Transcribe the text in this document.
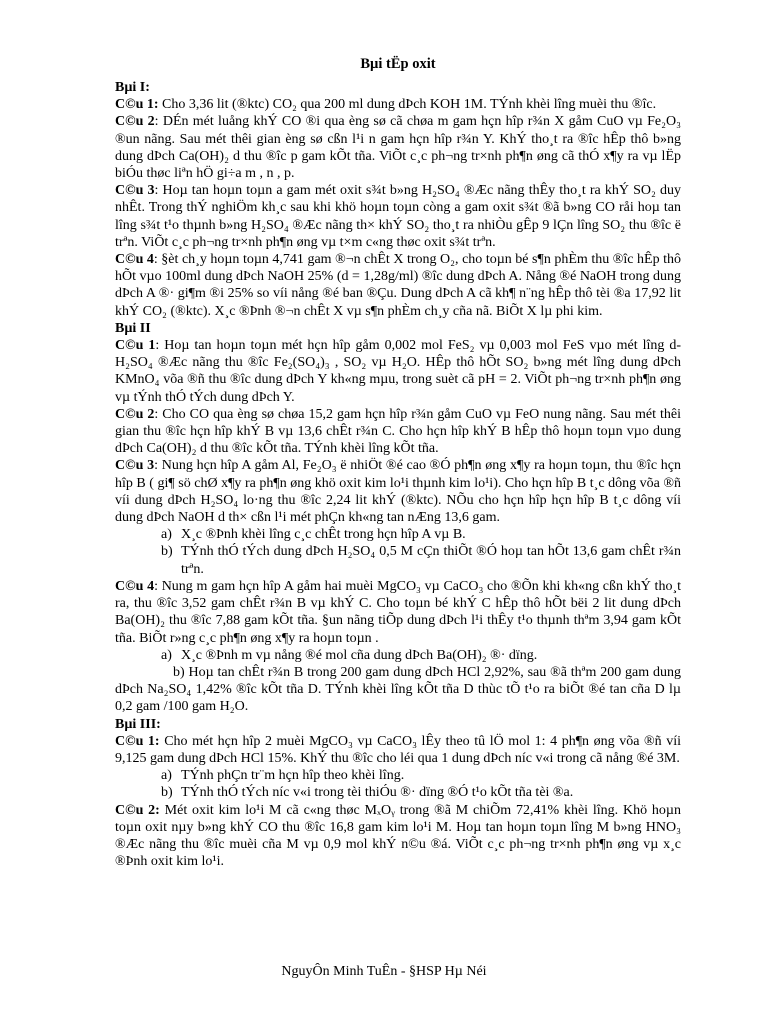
Bµi tËp oxit
Bµi I:

C©u 1: Cho 3,36 lit (®ktc) CO₂ qua 200 ml dung dÞch KOH 1M. TÝnh khèi lîng muèi thu ®îc.

C©u 2: DÉn mét luång khÝ CO ®i qua èng sø cã chøa m gam hçn hîp r¾n X gåm CuO vµ Fe₂O₃ ®un nãng. Sau mét thêi gian èng sø cßn l¹i n gam hçn hîp r¾n Y. KhÝ tho¸t ra ®îc hÊp thô b»ng dung dÞch Ca(OH)₂ d thu ®îc p gam kÕt tña. ViÕt c¸c ph¬ng tr×nh ph¶n øng cã thÓ x¶y ra vµ lËp biÓu thøc liªn hÖ gi÷a m , n , p.

C©u 3: Hoµ tan hoµn toµn a gam mét oxit s¾t b»ng H₂SO₄ ®Æc nãng thÊy tho¸t ra khÝ SO₂ duy nhÊt. Trong thÝ nghiÖm kh¸c sau khi khö hoµn toµn còng a gam oxit s¾t ®ã b»ng CO råi hoµ tan lîng s¾t t¹o thµnh b»ng H₂SO₄ ®Æc nãng th× khÝ SO₂ tho¸t ra nhiÒu gÊp 9 lÇn lîng SO₂ thu ®îc ë trªn. ViÕt c¸c ph¬ng tr×nh ph¶n øng vµ t×m c«ng thøc oxit s¾t trªn.

C©u 4: §èt ch¸y hoµn toµn 4,741 gam ®¬n chÊt X trong O₂, cho toµn bé s¶n phÈm thu ®îc hÊp thô hÕt vµo 100ml dung dÞch NaOH 25% (d = 1,28g/ml) ®îc dung dÞch A. Nång ®é NaOH trong dung dÞch A ®· gi¶m ®i 25% so víi nång ®é ban ®Çu. Dung dÞch A cã kh¶ n¨ng hÊp thô tèi ®a 17,92 lit khÝ CO₂ (®ktc). X¸c ®Þnh ®¬n chÊt X vµ s¶n phÈm ch¸y cña nã. BiÕt X lµ phi kim.

Bµi II

C©u 1: Hoµ tan hoµn toµn mét hçn hîp gåm 0,002 mol FeS₂ vµ 0,003 mol FeS vµo mét lîng d H₂SO₄ ®Æc nãng thu ®îc Fe₂(SO₄)₃ , SO₂ vµ H₂O. HÊp thô hÕt SO₂ b»ng mét lîng dung dÞch KMnO₄ võa ®ñ thu ®îc dung dÞch Y kh«ng mµu, trong suèt cã pH = 2. ViÕt ph¬ng tr×nh ph¶n øng vµ tÝnh thÓ tÝch dung dÞch Y.

C©u 2: Cho CO qua èng sø chøa 15,2 gam hçn hîp r¾n gåm CuO vµ FeO nung nãng. Sau mét thêi gian thu ®îc hçn hîp khÝ B vµ 13,6 chÊt r¾n C. Cho hçn hîp khÝ B hÊp thô hoµn toµn vµo dung dÞch Ca(OH)₂ d thu ®îc kÕt tña. TÝnh khèi lîng kÕt tña.

C©u 3: Nung hçn hîp A gåm Al, Fe₂O₃ ë nhiÖt ®é cao ®Ó ph¶n øng x¶y ra hoµn toµn, thu ®îc hçn hîp B ( gi¶ sö chØ x¶y ra ph¶n øng khö oxit kim lo¹i thµnh kim lo¹i). Cho hçn hîp B t¸c dông võa ®ñ víi dung dÞch H₂SO₄ lo·ng thu ®îc 2,24 lit khÝ (®ktc). NÕu cho hçn hîp hçn hîp B t¸c dông víi dung dÞch NaOH d th× cßn l¹i mét phÇn kh«ng tan nÆng 13,6 gam.

a) X¸c ®Þnh khèi lîng c¸c chÊt trong hçn hîp A vµ B.
b) TÝnh thÓ tÝch dung dÞch H₂SO₄ 0,5 M cÇn thiÕt ®Ó hoµ tan hÕt 13,6 gam chÊt r¾n trªn.

C©u 4: Nung m gam hçn hîp A gåm hai muèi MgCO₃ vµ CaCO₃ cho ®Õn khi kh«ng cßn khÝ tho¸t ra, thu ®îc 3,52 gam chÊt r¾n B vµ khÝ C. Cho toµn bé khÝ C hÊp thô hÕt bëi 2 lit dung dÞch Ba(OH)₂ thu ®îc 7,88 gam kÕt tña. §un nãng tiÕp dung dÞch l¹i thÊy t¹o thµnh thªm 3,94 gam kÕt tña. BiÕt r»ng c¸c ph¶n øng x¶y ra hoµn toµn .

a) X¸c ®Þnh m vµ nång ®é mol cña dung dÞch Ba(OH)₂ ®· dïng.

b) Hoµ tan chÊt r¾n B trong 200 gam dung dÞch HCl 2,92%, sau ®ã thªm 200 gam dung dÞch Na₂SO₄ 1,42% ®îc kÕt tña D. TÝnh khèi lîng kÕt tña D thùc tÕ t¹o ra biÕt ®é tan cña D lµ 0,2 gam /100 gam H₂O.

Bµi III:

C©u 1: Cho mét hçn hîp 2 muèi MgCO₃ vµ CaCO₃ lÊy theo tû lÖ mol 1: 4 ph¶n øng võa ®ñ víi 9,125 gam dung dÞch HCl 15%. KhÝ thu ®îc cho léi qua 1 dung dÞch níc v«i trong cã nång ®é 3M.

a) TÝnh phÇn tr¨m hçn hîp theo khèi lîng.
b) TÝnh thÓ tÝch níc v«i trong tèi thiÓu ®· dïng ®Ó t¹o kÕt tña tèi ®a.

C©u 2: Mét oxit kim lo¹i M cã c«ng thøc MₓOᵧ trong ®ã M chiÕm 72,41% khèi lîng. Khö hoµn toµn oxit nµy b»ng khÝ CO thu ®îc 16,8 gam kim lo¹i M. Hoµ tan hoµn toµn lîng M b»ng HNO₃ ®Æc nãng thu ®îc muèi cña M vµ 0,9 mol khÝ n©u ®á. ViÕt c¸c ph¬ng tr×nh ph¶n øng vµ x¸c ®Þnh oxit kim lo¹i.

NguyÔn Minh TuÊn - §HSP Hµ Néi
